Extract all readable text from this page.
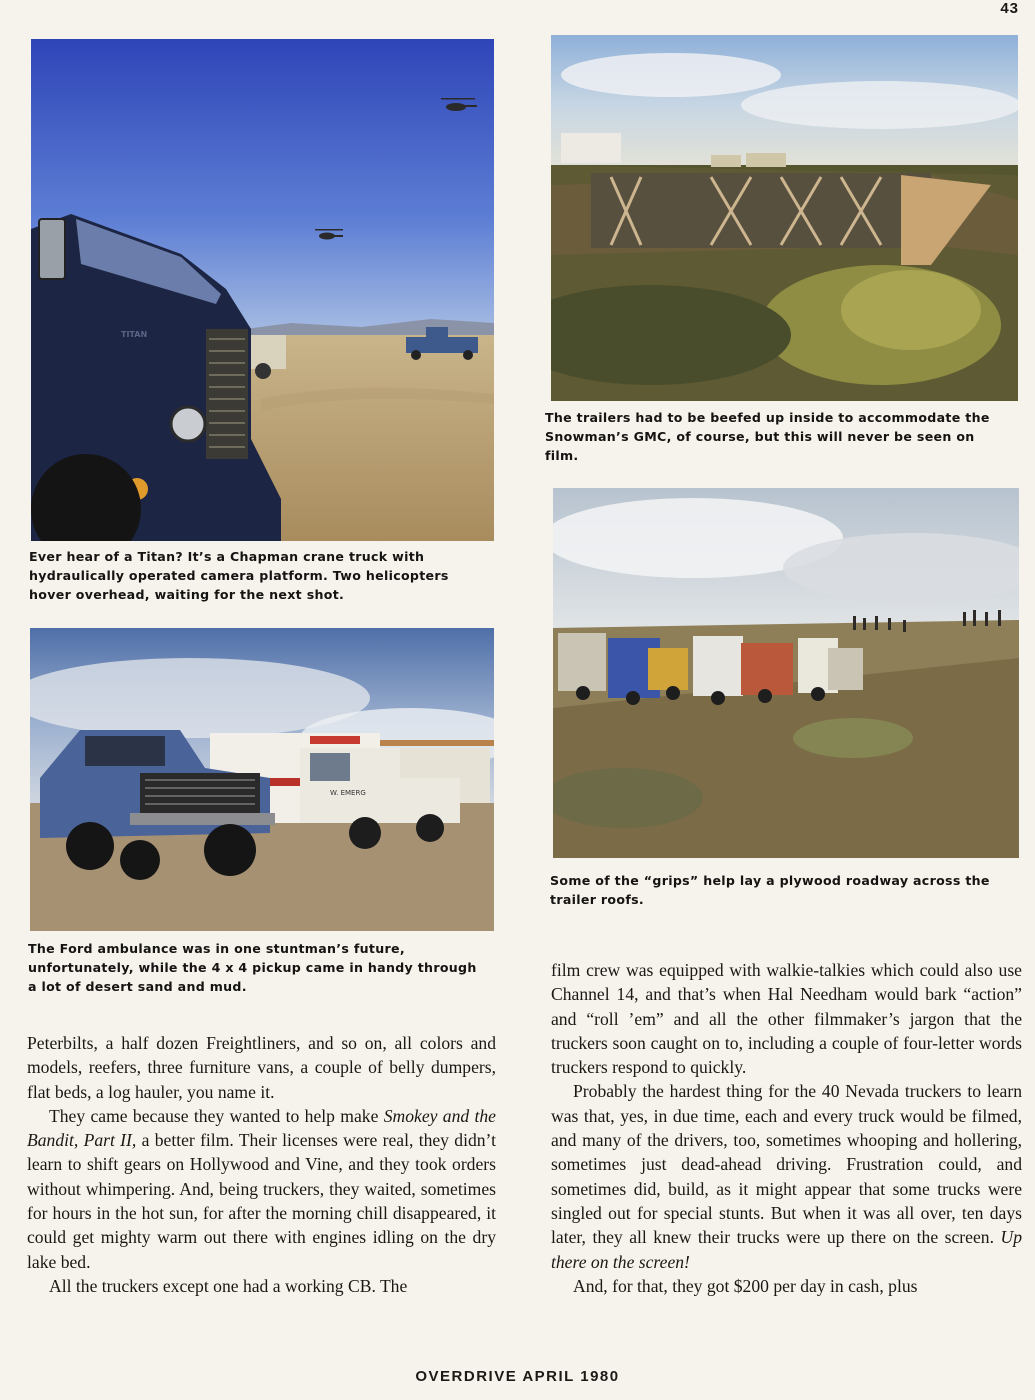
43
TITAN
Ever hear of a Titan? It’s a Chapman crane truck with hydraulically operated camera platform. Two helicopters hover overhead, waiting for the next shot.
The trailers had to be beefed up inside to accommodate the Snowman’s GMC, of course, but this will never be seen on film.
Some of the “grips” help lay a plywood roadway across the trailer roofs.
W. EMERG
The Ford ambulance was in one stuntman’s future, unfortunately, while the 4 x 4 pickup came in handy through a lot of desert sand and mud.

Peterbilts, a half dozen Freightliners, and so on, all colors and models, reefers, three furniture vans, a couple of belly dumpers, flat beds, a log hauler, you name it.

They came because they wanted to help make Smokey and the Bandit, Part II, a better film. Their licenses were real, they didn’t learn to shift gears on Hollywood and Vine, and they took orders without whimpering. And, being truckers, they waited, sometimes for hours in the hot sun, for after the morning chill disappeared, it could get mighty warm out there with engines idling on the dry lake bed.

All the truckers except one had a working CB. The

film crew was equipped with walkie-talkies which could also use Channel 14, and that’s when Hal Needham would bark “action” and “roll ’em” and all the other filmmaker’s jargon that the truckers soon caught on to, including a couple of four-letter words truckers respond to quickly.

Probably the hardest thing for the 40 Nevada truckers to learn was that, yes, in due time, each and every truck would be filmed, and many of the drivers, too, sometimes whooping and hollering, sometimes just dead-ahead driving. Frustration could, and sometimes did, build, as it might appear that some trucks were singled out for special stunts. But when it was all over, ten days later, they all knew their trucks were up there on the screen. Up there on the screen!

And, for that, they got $200 per day in cash, plus

OVERDRIVE APRIL 1980
